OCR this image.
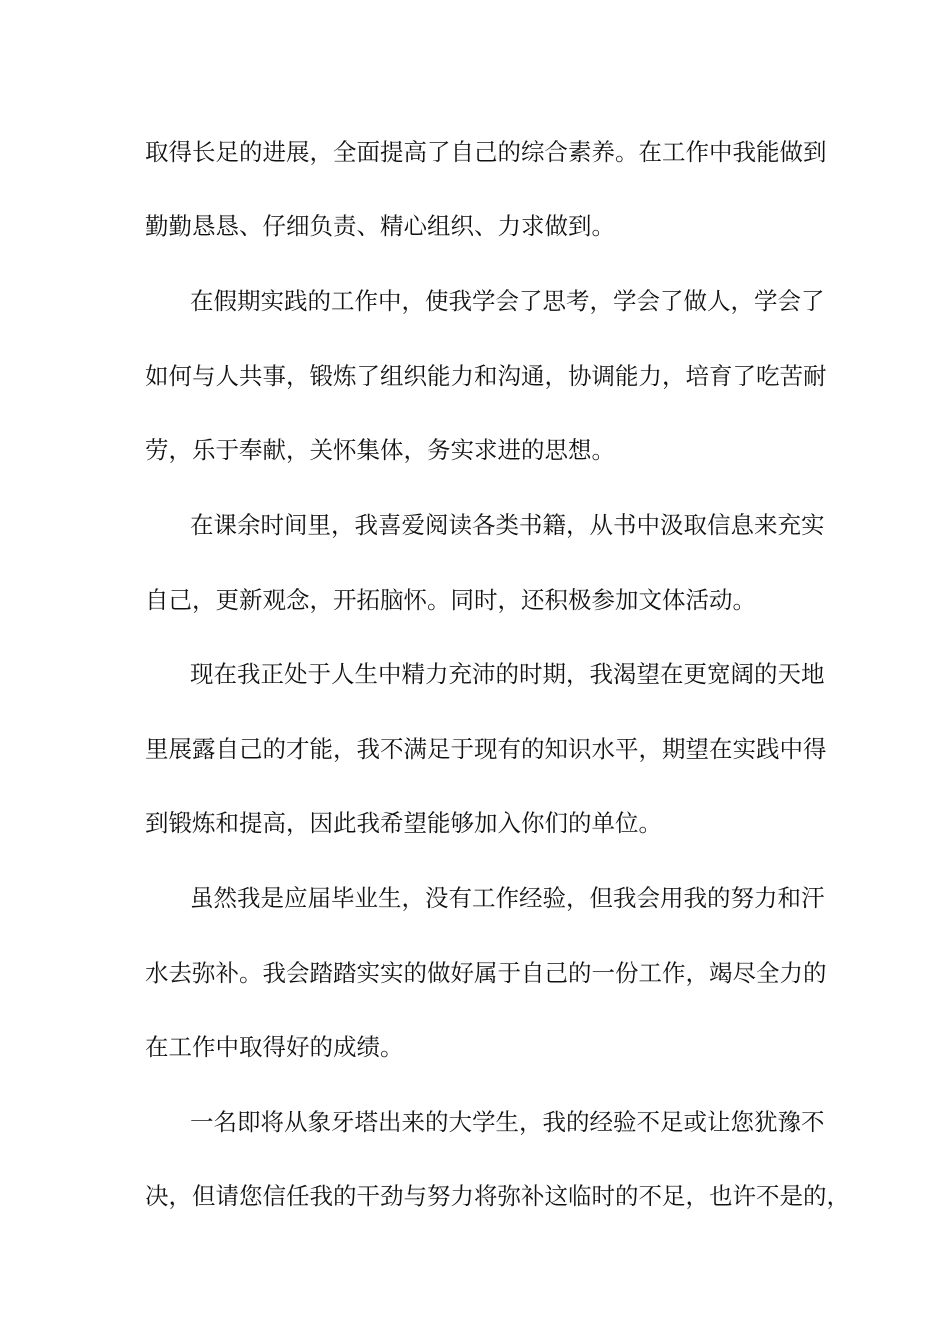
取得长足的进展，全面提高了自己的综合素养。在工作中我能做到
勤勤恳恳、仔细负责、精心组织、力求做到。
在假期实践的工作中，使我学会了思考，学会了做人，学会了
如何与人共事，锻炼了组织能力和沟通，协调能力，培育了吃苦耐
劳，乐于奉献，关怀集体，务实求进的思想。
在课余时间里，我喜爱阅读各类书籍，从书中汲取信息来充实
自己，更新观念，开拓脑怀。同时，还积极参加文体活动。
现在我正处于人生中精力充沛的时期，我渴望在更宽阔的天地
里展露自己的才能，我不满足于现有的知识水平，期望在实践中得
到锻炼和提高，因此我希望能够加入你们的单位。
虽然我是应届毕业生，没有工作经验，但我会用我的努力和汗
水去弥补。我会踏踏实实的做好属于自己的一份工作，竭尽全力的
在工作中取得好的成绩。
一名即将从象牙塔出来的大学生，我的经验不足或让您犹豫不
决，但请您信任我的干劲与努力将弥补这临时的不足，也许不是的，
